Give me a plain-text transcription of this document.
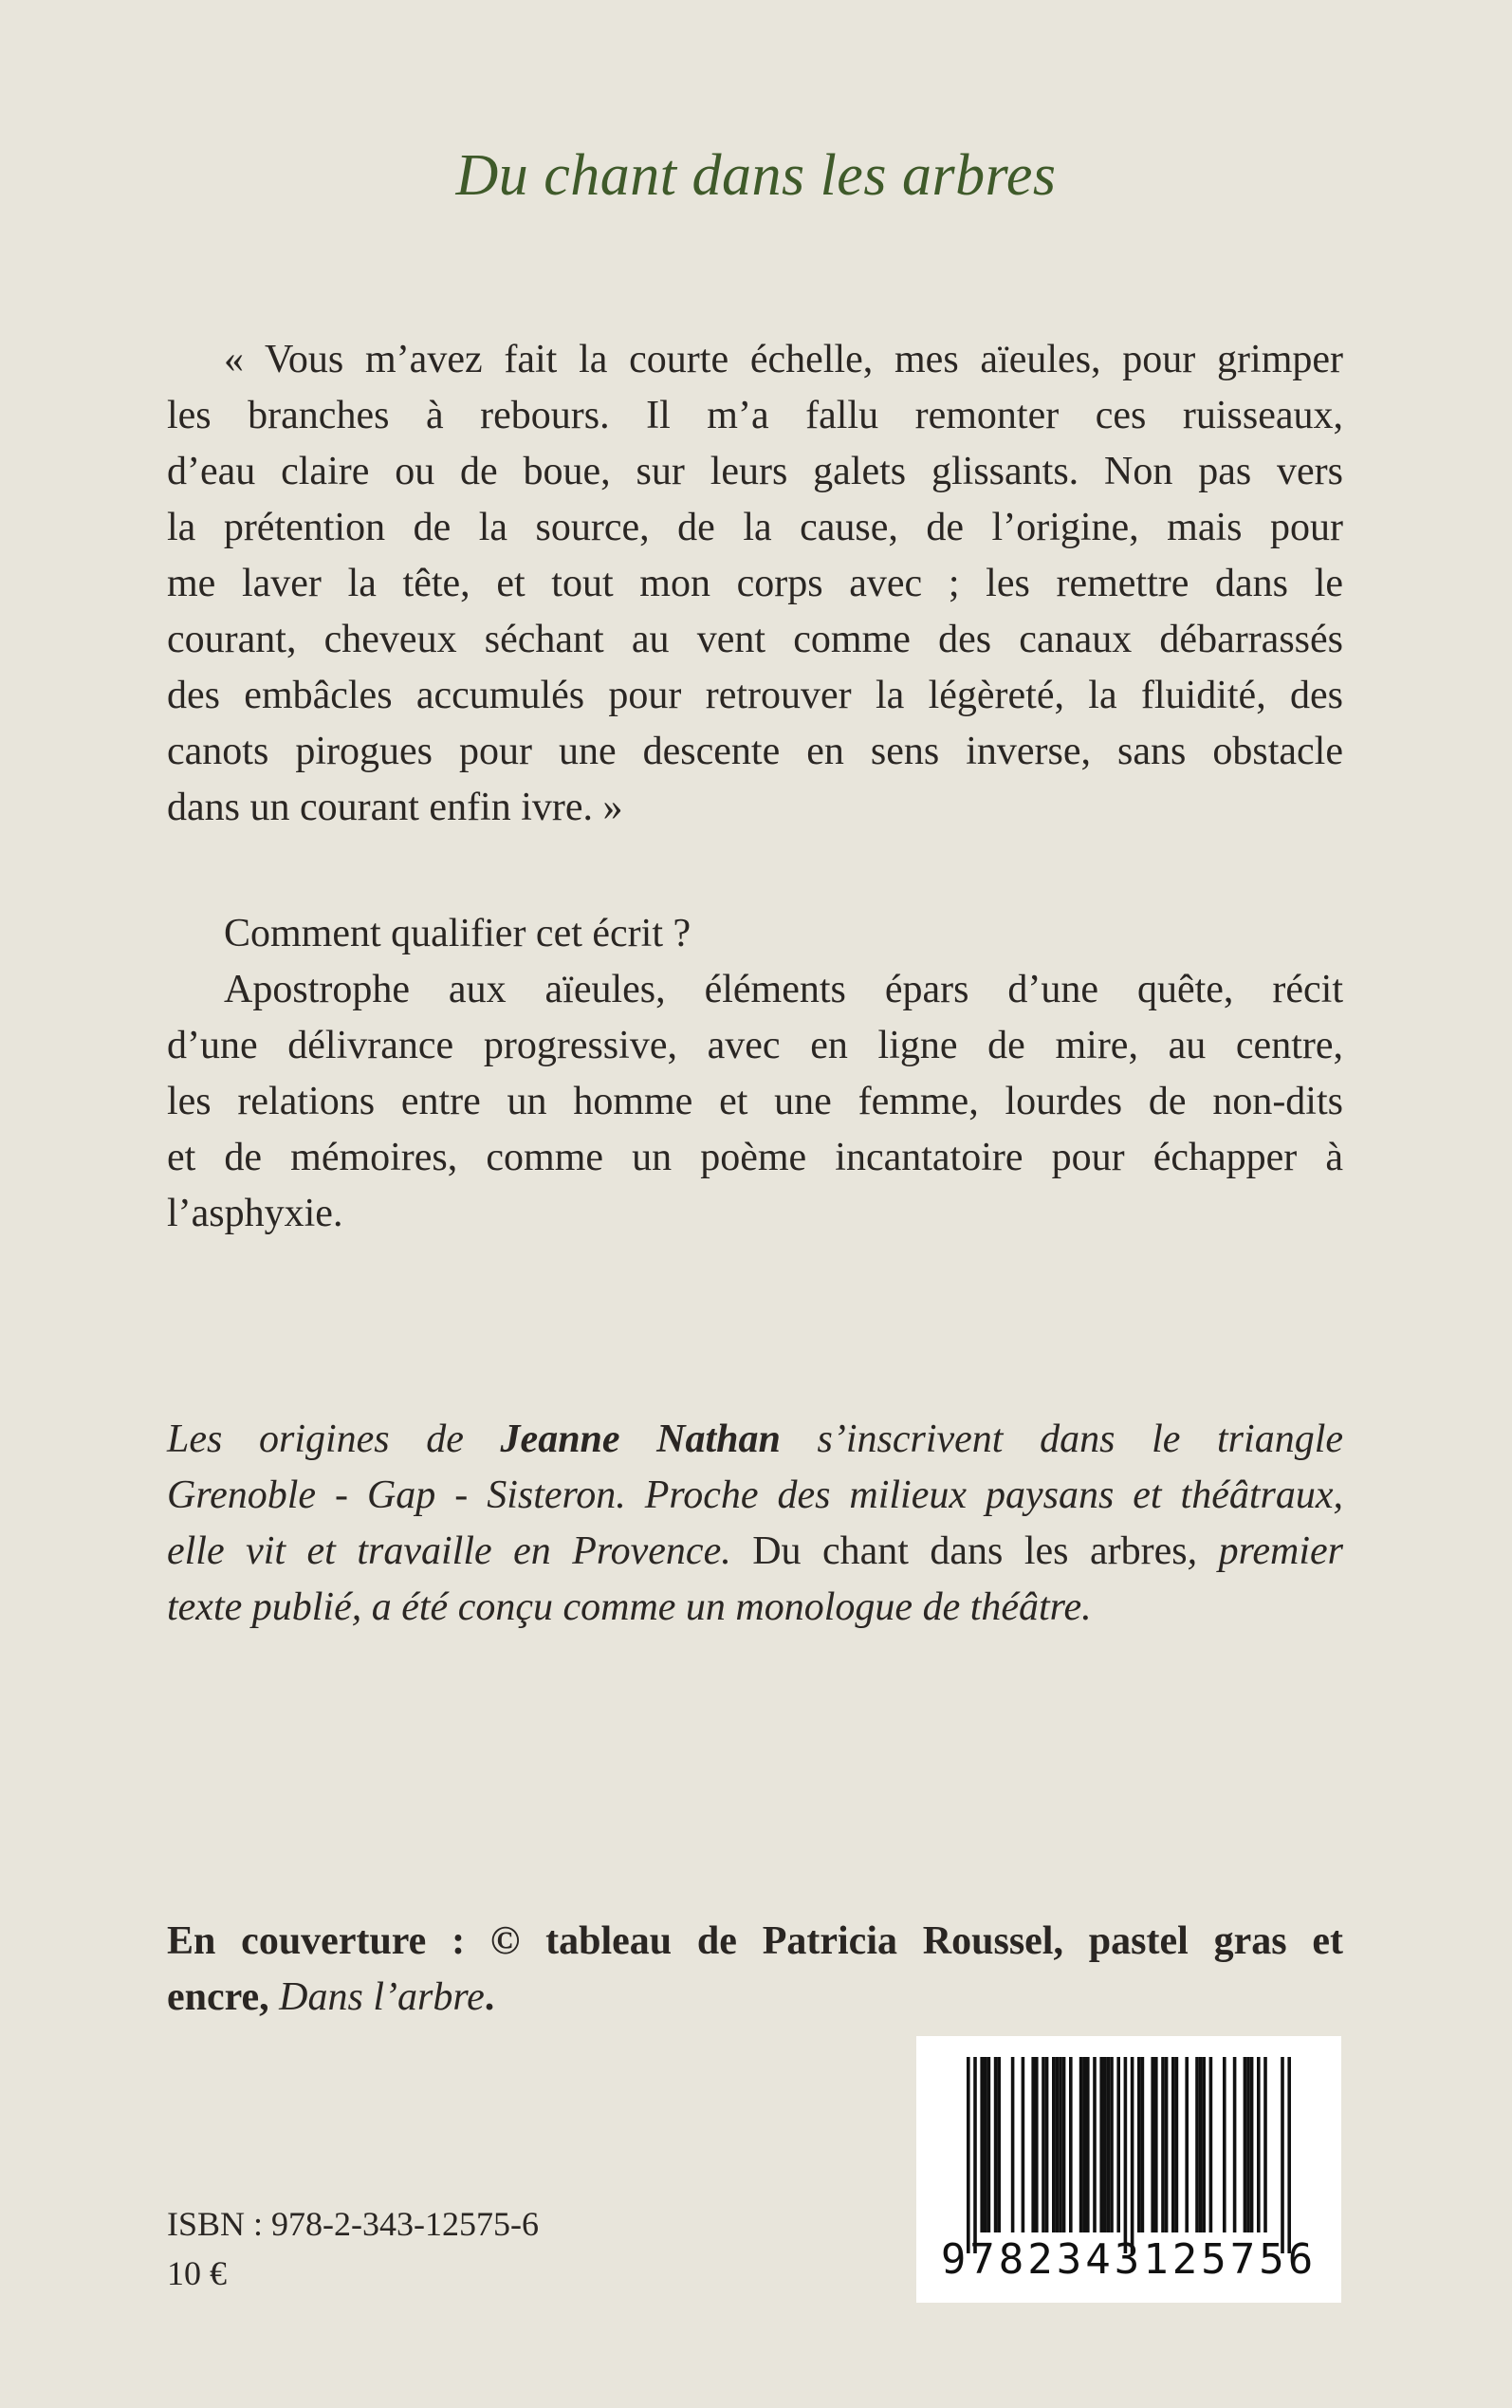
Du chant dans les arbres
« Vous m’avez fait la courte échelle, mes aïeules, pour grimper
les branches à rebours. Il m’a fallu remonter ces ruisseaux,
d’eau claire ou de boue, sur leurs galets glissants. Non pas vers
la prétention de la source, de la cause, de l’origine, mais pour
me laver la tête, et tout mon corps avec ; les remettre dans le
courant, cheveux séchant au vent comme des canaux débarrassés
des embâcles accumulés pour retrouver la légèreté, la fluidité, des
canots pirogues pour une descente en sens inverse, sans obstacle
dans un courant enfin ivre. »
Comment qualifier cet écrit ?
Apostrophe aux aïeules, éléments épars d’une quête, récit
d’une délivrance progressive, avec en ligne de mire, au centre,
les relations entre un homme et une femme, lourdes de non-dits
et de mémoires, comme un poème incantatoire pour échapper à
l’asphyxie.
Les origines de Jeanne Nathan s’inscrivent dans le triangle
Grenoble - Gap - Sisteron. Proche des milieux paysans et théâtraux,
elle vit et travaille en Provence. Du chant dans les arbres, premier
texte publié, a été conçu comme un monologue de théâtre.
En couverture : © tableau de Patricia Roussel, pastel gras et
encre, Dans l’arbre.
ISBN : 978-2-343-12575-6
10 €	9782343125756
